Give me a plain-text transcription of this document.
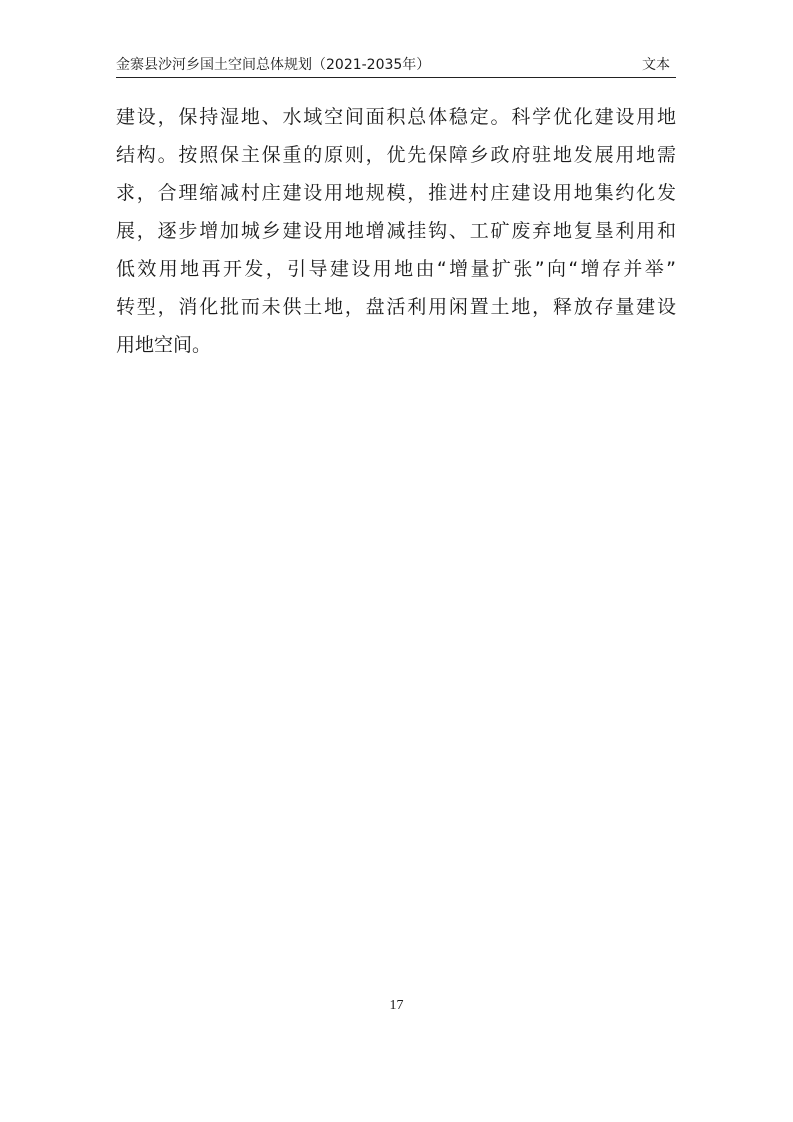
金寨县沙河乡国土空间总体规划（2021-2035年）	文本
建设，保持湿地、水域空间面积总体稳定。科学优化建设用地
结构。按照保主保重的原则，优先保障乡政府驻地发展用地需
求，合理缩减村庄建设用地规模，推进村庄建设用地集约化发
展，逐步增加城乡建设用地增减挂钩、工矿废弃地复垦利用和
低效用地再开发，引导建设用地由“增量扩张”向“增存并举”
转型，消化批而未供土地，盘活利用闲置土地，释放存量建设
用地空间。
17
